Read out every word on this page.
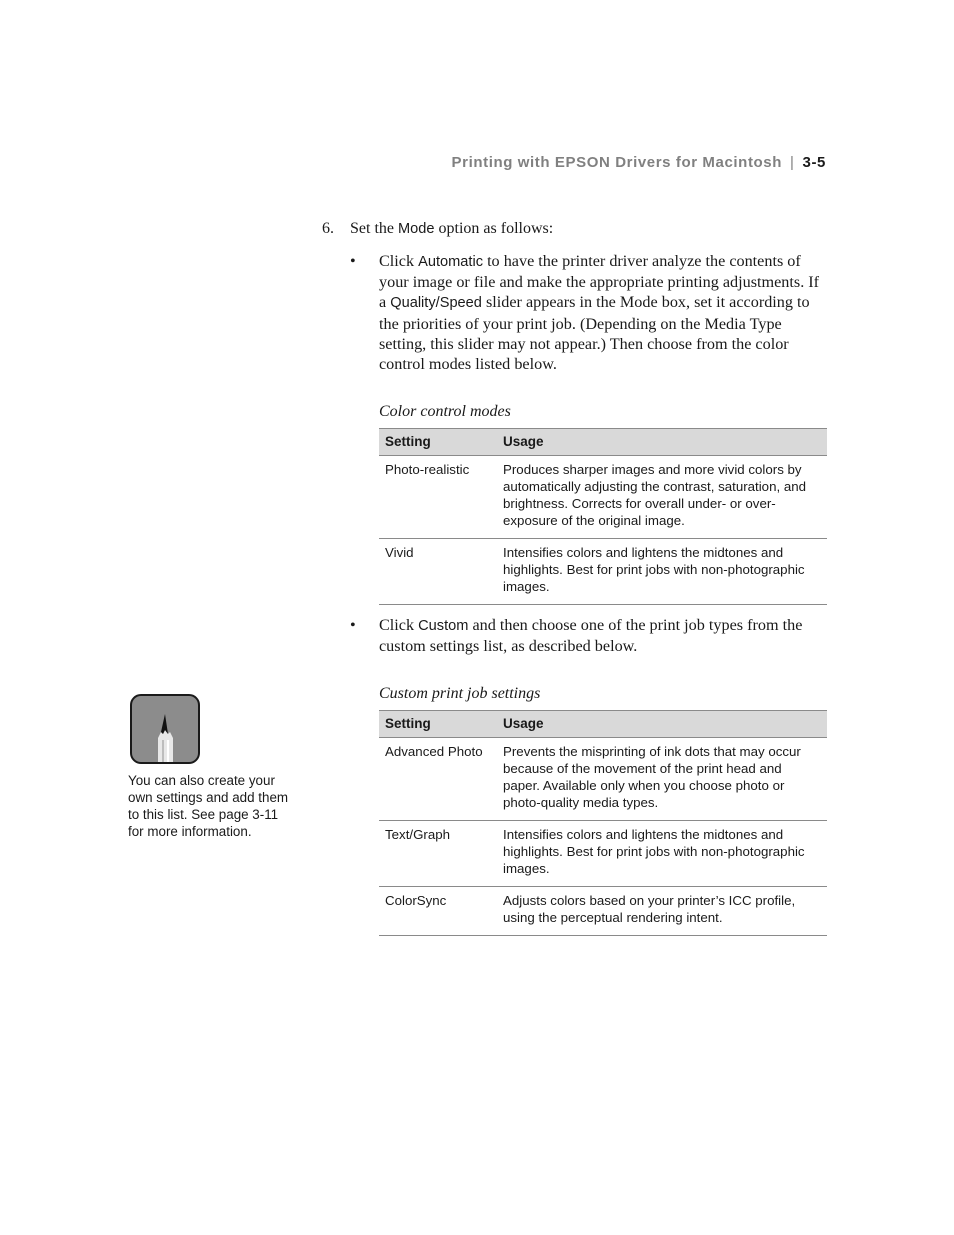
Printing with EPSON Drivers for Macintosh | 3-5
6. Set the Mode option as follows:
• Click Automatic to have the printer driver analyze the contents of your image or file and make the appropriate printing adjustments. If a Quality/Speed slider appears in the Mode box, set it according to the priorities of your print job. (Depending on the Media Type setting, this slider may not appear.) Then choose from the color control modes listed below.
Color control modes
Setting	Usage
Photo-realistic	Produces sharper images and more vivid colors by automatically adjusting the contrast, saturation, and brightness. Corrects for overall under- or over-exposure of the original image.
Vivid	Intensifies colors and lightens the midtones and highlights. Best for print jobs with non-photographic images.
• Click Custom and then choose one of the print job types from the custom settings list, as described below.
Custom print job settings
Setting	Usage
Advanced Photo	Prevents the misprinting of ink dots that may occur because of the movement of the print head and paper. Available only when you choose photo or photo-quality media types.
Text/Graph	Intensifies colors and lightens the midtones and highlights. Best for print jobs with non-photographic images.
ColorSync	Adjusts colors based on your printer’s ICC profile, using the perceptual rendering intent.
You can also create your own settings and add them to this list. See page 3-11 for more information.
